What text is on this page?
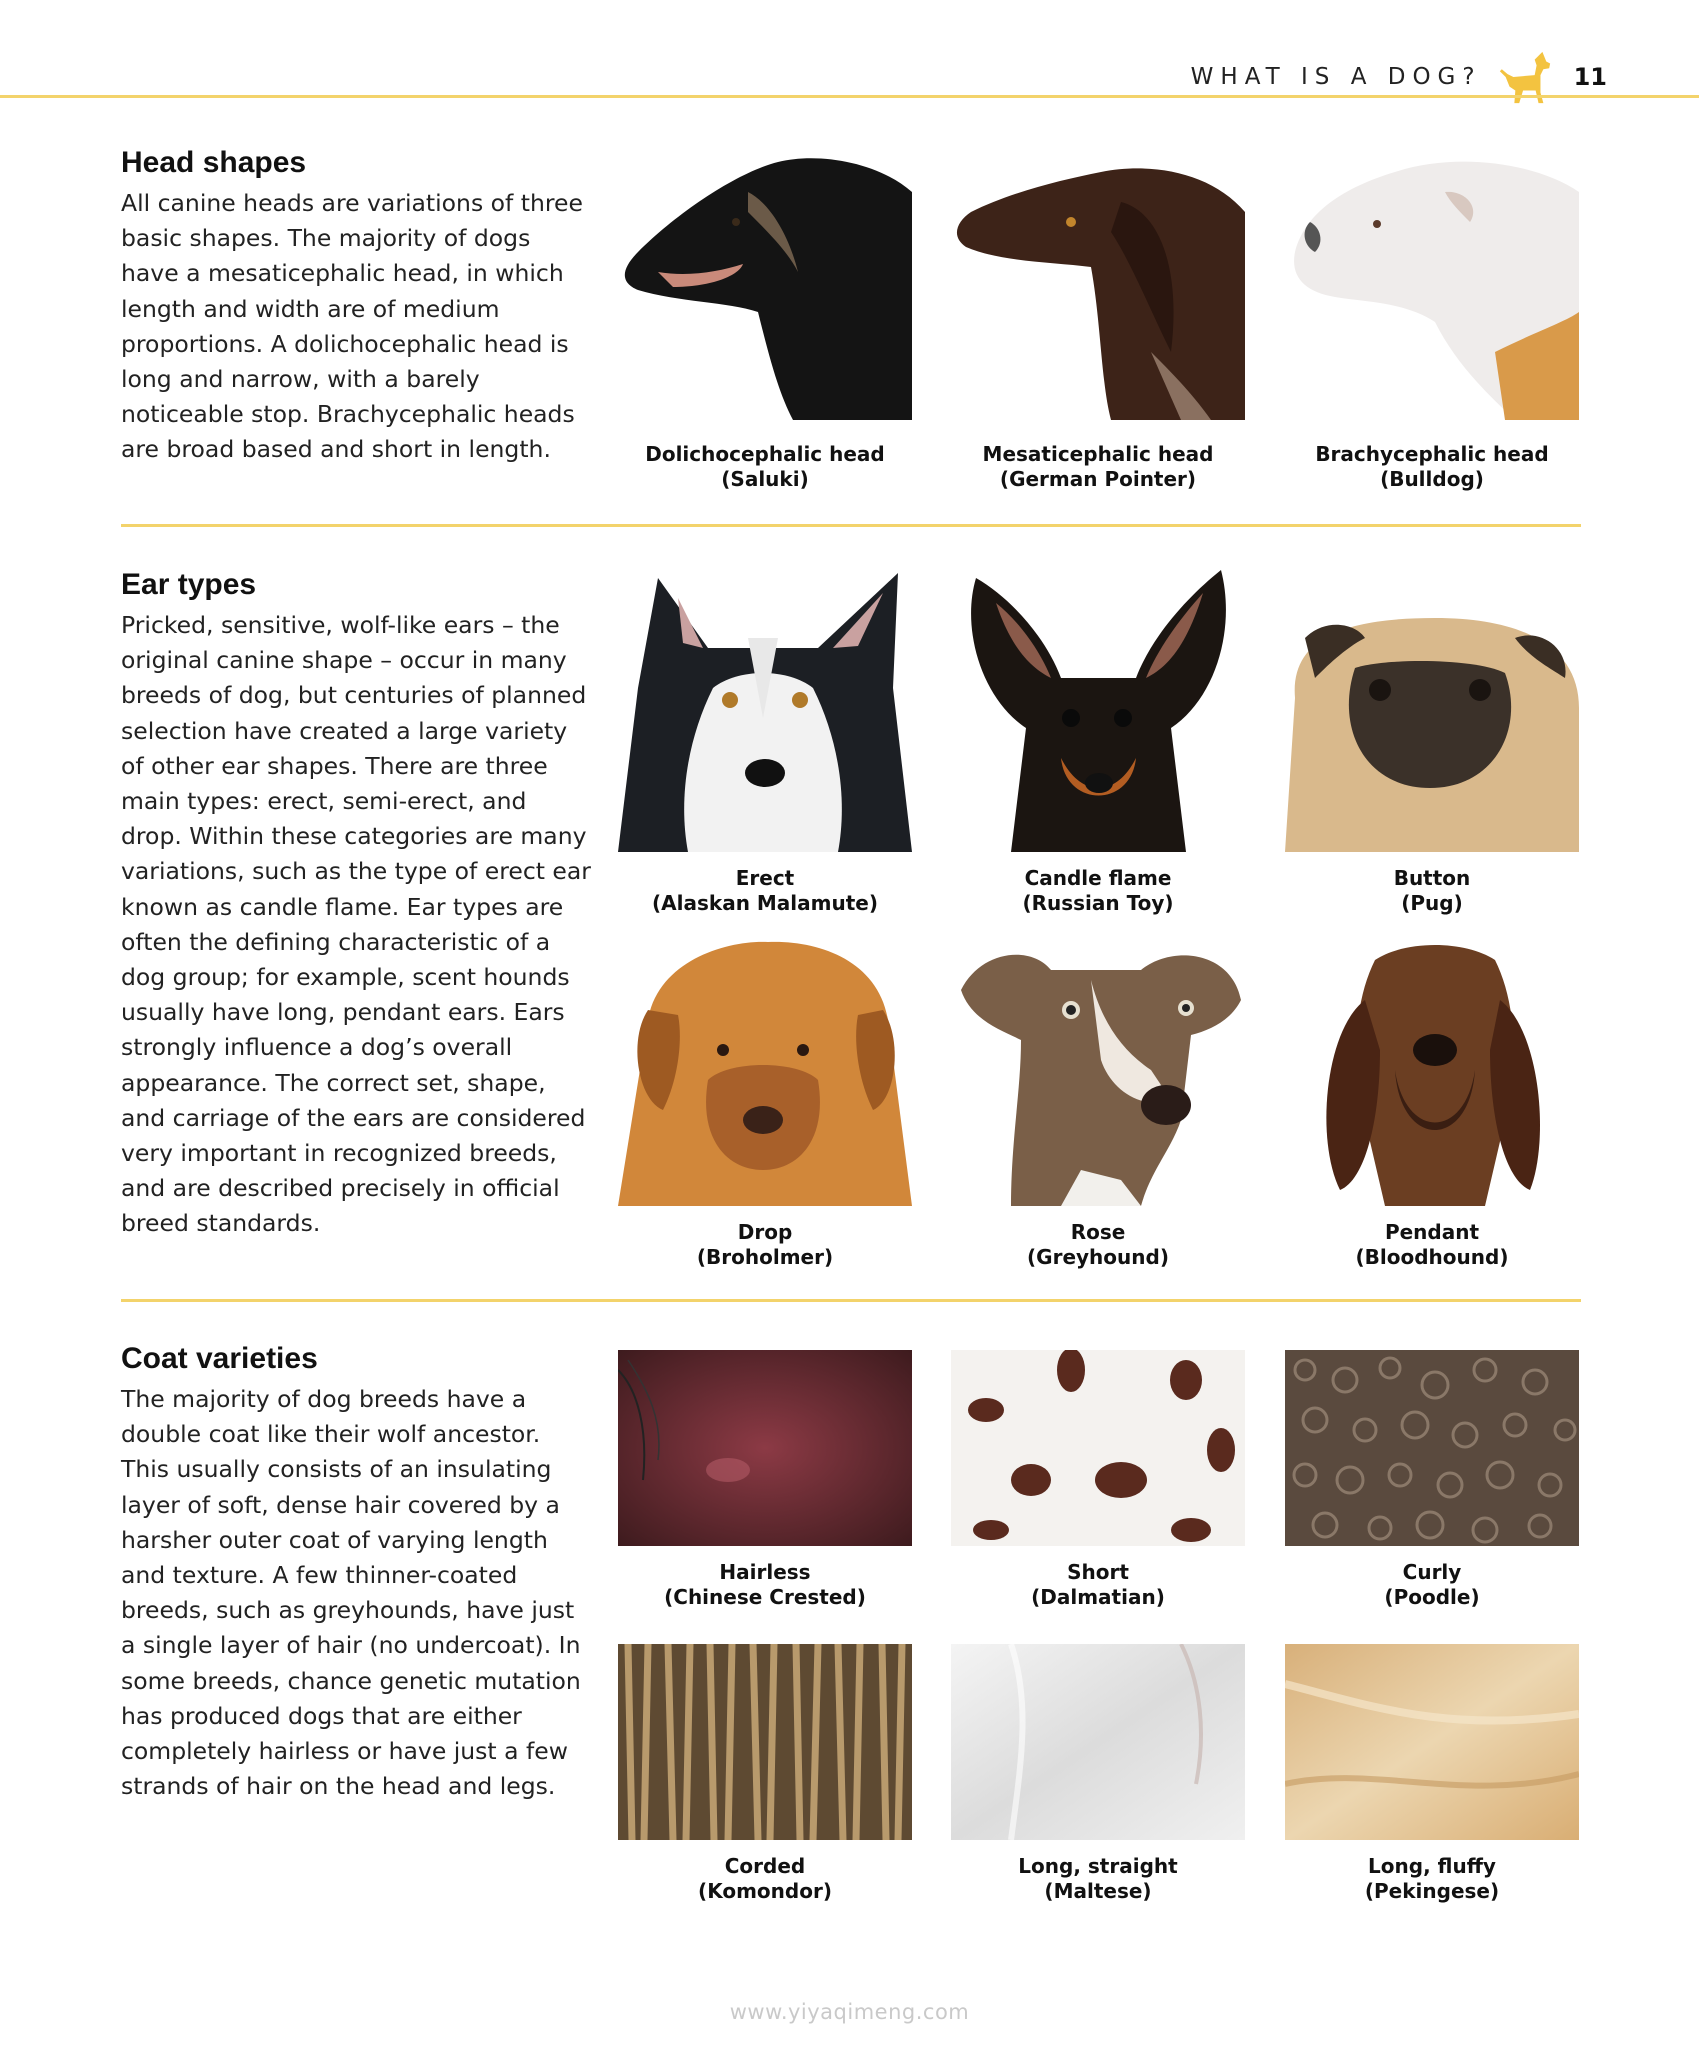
WHAT IS A DOG?	11
Head shapes

All canine heads are variations of three basic shapes. The majority of dogs have a mesaticephalic head, in which length and width are of medium proportions. A dolichocephalic head is long and narrow, with a barely noticeable stop. Brachycephalic heads are broad based and short in length.	Dolichocephalic head
(Saluki)
Mesaticephalic head
(German Pointer)
Brachycephalic head
(Bulldog)
Ear types

Pricked, sensitive, wolf-like ears – the original canine shape – occur in many breeds of dog, but centuries of planned selection have created a large variety of other ear shapes. There are three main types: erect, semi-erect, and drop. Within these categories are many variations, such as the type of erect ear known as candle flame. Ear types are often the defining characteristic of a dog group; for example, scent hounds usually have long, pendant ears. Ears strongly influence a dog’s overall appearance. The correct set, shape, and carriage of the ears are considered very important in recognized breeds, and are described precisely in official breed standards.

Erect
(Alaskan Malamute)
Candle flame
(Russian Toy)
Button
(Pug)
Drop
(Broholmer)
Rose
(Greyhound)
Pendant
(Bloodhound)
Coat varieties

The majority of dog breeds have a double coat like their wolf ancestor. This usually consists of an insulating layer of soft, dense hair covered by a harsher outer coat of varying length and texture. A few thinner-coated breeds, such as greyhounds, have just a single layer of hair (no undercoat). In some breeds, chance genetic mutation has produced dogs that are either completely hairless or have just a few strands of hair on the head and legs.

Hairless
(Chinese Crested)
Short
(Dalmatian)
Curly
(Poodle)
Corded
(Komondor)
Long, straight
(Maltese)
Long, fluffy
(Pekingese)
www.yiyaqimeng.com
